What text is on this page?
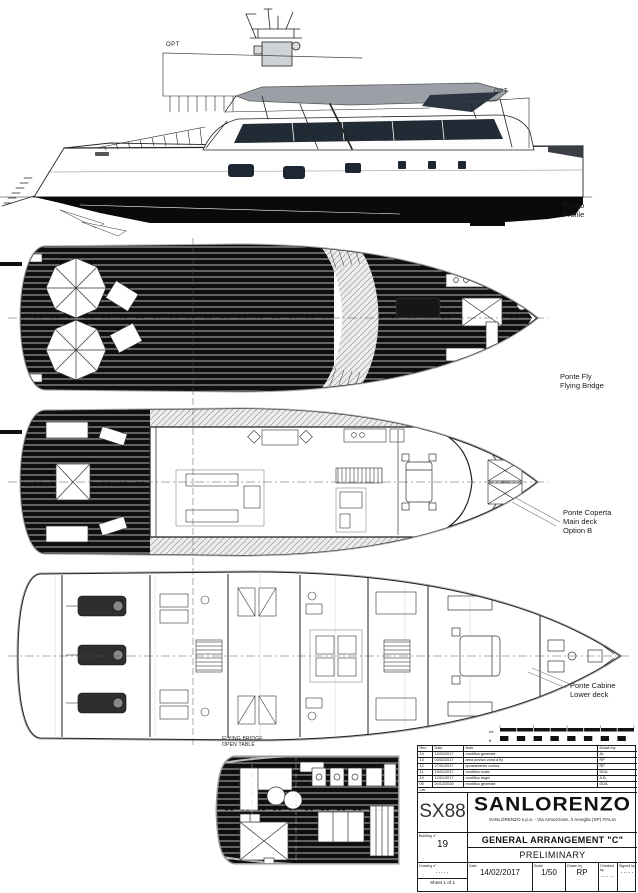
OPT
OPT
Profilo
Profile
Ponte Fly
Flying Bridge
Ponte Coperta
Main deck
Option B
Ponte Cabine
Lower deck
FLYING BRIDGE
OPEN TABLE
mt
ft
Rev	Date	Note	Drawn by
14	10/02/2017	modifica generale	AL
13	03/02/2017	area pranzo zona a fly	RP
12	27/01/2017	spostamento cucina	RP
11	19/01/2017	modifica scale	DDA
10	12/01/2017	modifica bagni	A.B.
09	20/12/2016	modifica generale	DDA
Lav.
SX88 SANLORENZO
SANLORENZO s.p.a. - Via Armezzone, 3 Ameglia (SP) ITALIA
Building n°
19	GENERAL ARRANGEMENT "C"
PRELIMINARY
Drawing n°
.....
Sheet 1 of 1
Date
14/02/2017
Scale
1/50
Drawn by
RP
Checked by
.....
Signed by
.....
